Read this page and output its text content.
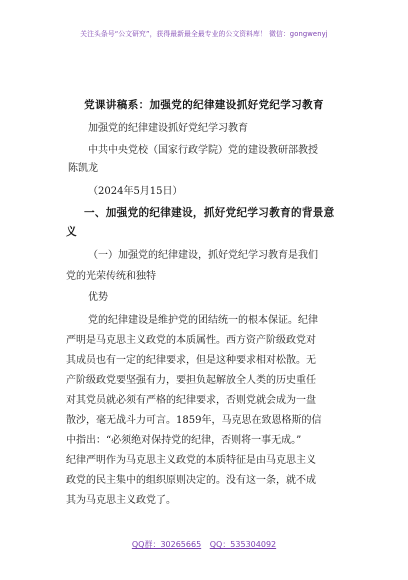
关注头条号“公文研究”，获得最新最全最专业的公文资料库！ 微信：gongwenyj
党课讲稿系：加强党的纪律建设抓好党纪学习教育
加强党的纪律建设抓好党纪学习教育
中共中央党校（国家行政学院）党的建设教研部教授
陈凯龙
（2024年5月15日）
一、加强党的纪律建设，抓好党纪学习教育的背景意
义
（一）加强党的纪律建设，抓好党纪学习教育是我们
党的光荣传统和独特
优势
党的纪律建设是维护党的团结统一的根本保证。纪律
严明是马克思主义政党的本质属性。西方资产阶级政党对
其成员也有一定的纪律要求，但是这种要求相对松散。无
产阶级政党要坚强有力，要担负起解放全人类的历史重任
对其党员就必须有严格的纪律要求，否则党就会成为一盘
散沙，毫无战斗力可言。1859年，马克思在致恩格斯的信
中指出：“必须绝对保持党的纪律，否则将一事无成。”
纪律严明作为马克思主义政党的本质特征是由马克思主义
政党的民主集中的组织原则决定的。没有这一条，就不成
其为马克思主义政党了。
QQ群：30265665 QQ：535304092
